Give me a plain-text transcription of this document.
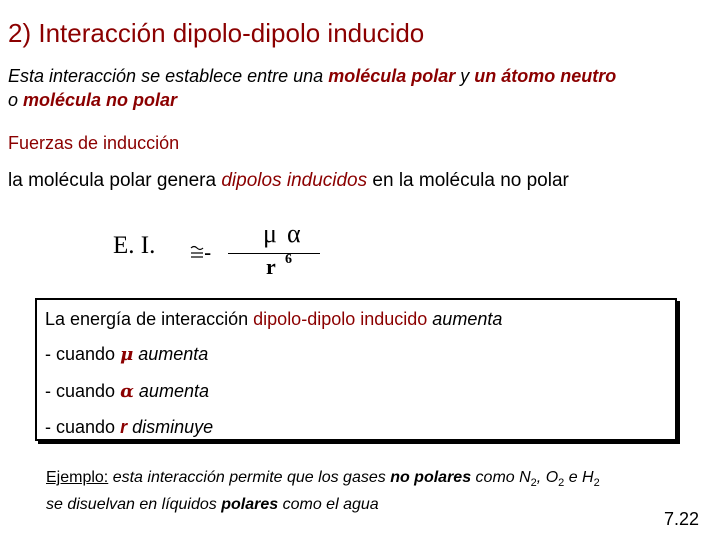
2) Interacción dipolo-dipolo inducido
Esta interacción se establece entre una molécula polar y un átomo neutro
o molécula no polar
Fuerzas de inducción
la molécula polar genera dipolos inducidos en la molécula no polar
E. I. -
μα
r 6
La energía de interacción dipolo-dipolo inducido aumenta
- cuando μ aumenta
- cuando α aumenta
- cuando r disminuye
Ejemplo: esta interacción permite que los gases no polares como $N_2$, $O_2$ e $H_2$
se disuelvan en líquidos polares como el agua
7.22
